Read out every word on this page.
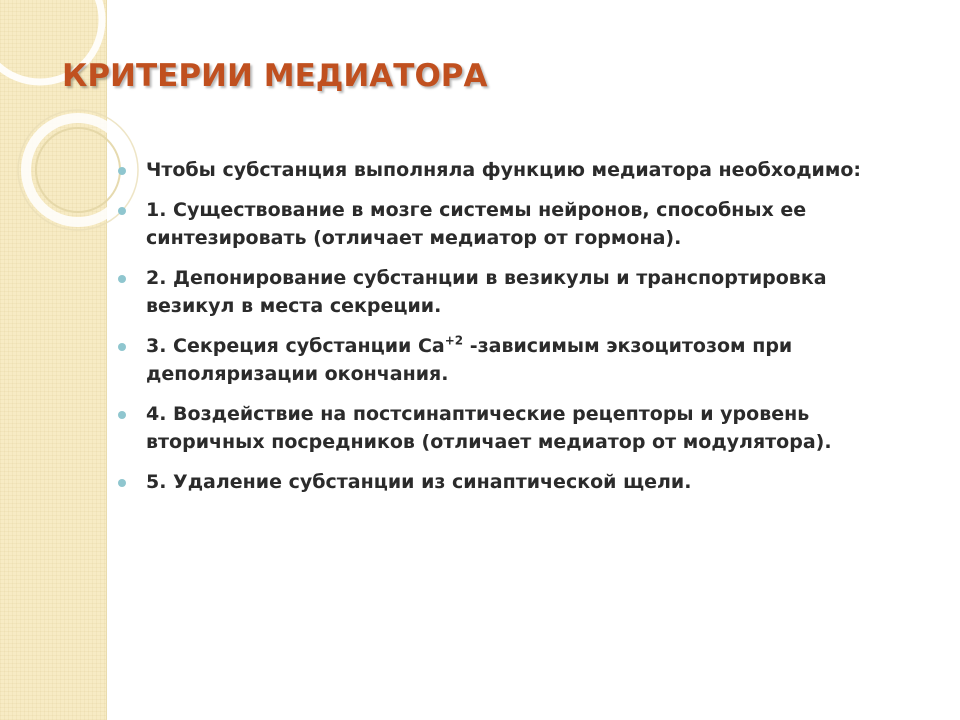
КРИТЕРИИ МЕДИАТОРА
Чтобы субстанция выполняла функцию медиатора необходимо:
1. Существование в мозге системы нейронов, способных ее синтезировать (отличает медиатор от гормона).
2. Депонирование субстанции в везикулы и транспортировка везикул в места секреции.
3. Секреция субстанции $Ca^{+2}$ -зависимым экзоцитозом при деполяризации окончания.
4. Воздействие на постсинаптические рецепторы и уровень вторичных посредников (отличает медиатор от модулятора).
5. Удаление субстанции из синаптической щели.
